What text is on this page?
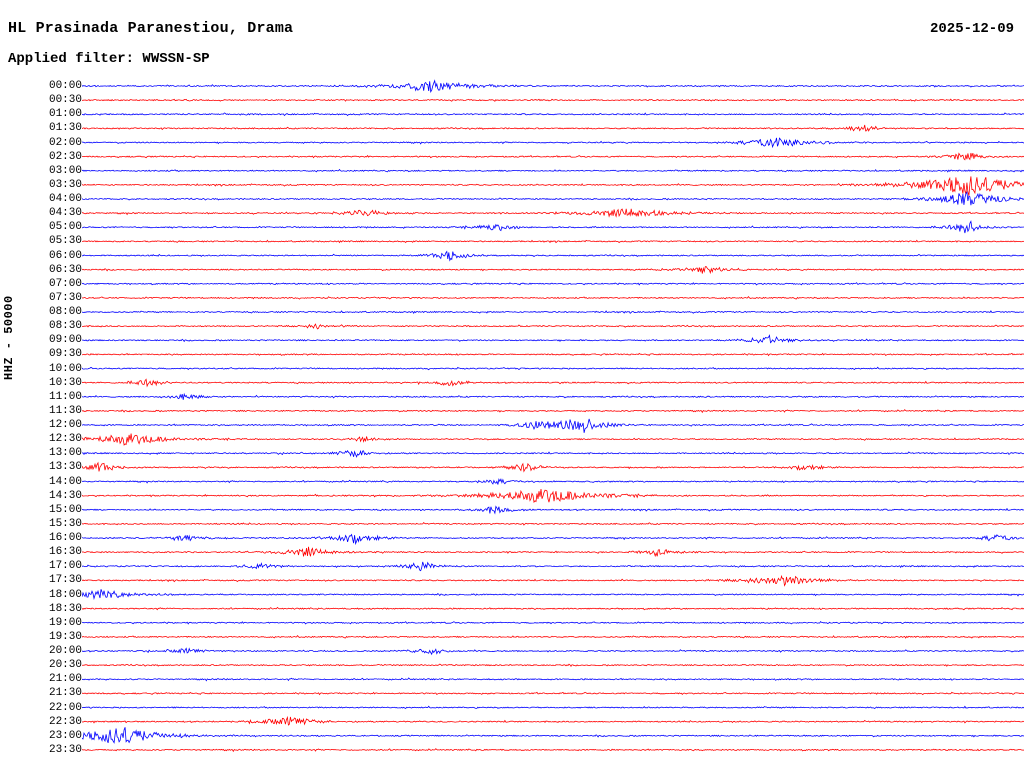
HL Prasinada Paranestiou, Drama	2025-12-09
Applied filter: WWSSN-SP
HHZ - 50000
00:00
00:30
01:00
01:30
02:00
02:30
03:00
03:30
04:00
04:30
05:00
05:30
06:00
06:30
07:00
07:30
08:00
08:30
09:00
09:30
10:00
10:30
11:00
11:30
12:00
12:30
13:00
13:30
14:00
14:30
15:00
15:30
16:00
16:30
17:00
17:30
18:00
18:30
19:00
19:30
20:00
20:30
21:00
21:30
22:00
22:30
23:00
23:30
